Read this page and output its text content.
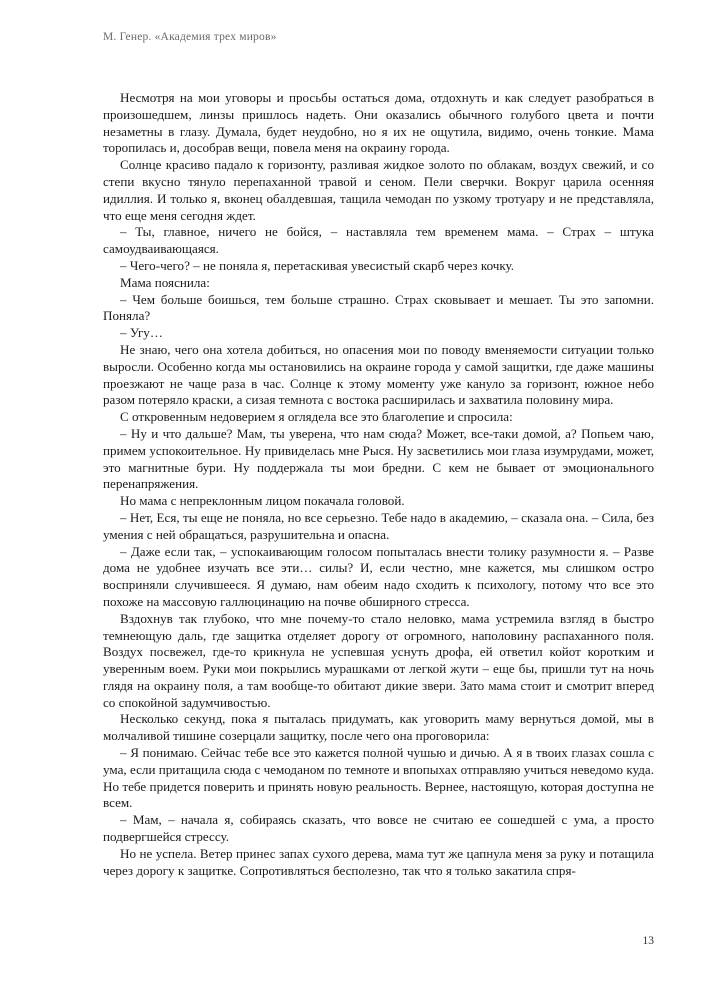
М. Генер. «Академия трех миров»

Несмотря на мои уговоры и просьбы остаться дома, отдохнуть и как следует разобраться в произошедшем, линзы пришлось надеть. Они оказались обычного голубого цвета и почти незаметны в глазу. Думала, будет неудобно, но я их не ощутила, видимо, очень тонкие. Мама торопилась и, дособрав вещи, повела меня на окраину города.

Солнце красиво падало к горизонту, разливая жидкое золото по облакам, воздух свежий, и со степи вкусно тянуло перепаханной травой и сеном. Пели сверчки. Вокруг царила осенняя идиллия. И только я, вконец обалдевшая, тащила чемодан по узкому тротуару и не представляла, что еще меня сегодня ждет.

– Ты, главное, ничего не бойся, – наставляла тем временем мама. – Страх – штука самоудваивающаяся.

– Чего-чего? – не поняла я, перетаскивая увесистый скарб через кочку.

Мама пояснила:

– Чем больше боишься, тем больше страшно. Страх сковывает и мешает. Ты это запомни. Поняла?

– Угу…

Не знаю, чего она хотела добиться, но опасения мои по поводу вменяемости ситуации только выросли. Особенно когда мы остановились на окраине города у самой защитки, где даже машины проезжают не чаще раза в час. Солнце к этому моменту уже кануло за горизонт, южное небо разом потеряло краски, а сизая темнота с востока расширилась и захватила половину мира.

С откровенным недоверием я оглядела все это благолепие и спросила:

– Ну и что дальше? Мам, ты уверена, что нам сюда? Может, все-таки домой, а? Попьем чаю, примем успокоительное. Ну привиделась мне Рыся. Ну засветились мои глаза изумрудами, может, это магнитные бури. Ну поддержала ты мои бредни. С кем не бывает от эмоционального перенапряжения.

Но мама с непреклонным лицом покачала головой.

– Нет, Еся, ты еще не поняла, но все серьезно. Тебе надо в академию, – сказала она. – Сила, без умения с ней обращаться, разрушительна и опасна.

– Даже если так, – успокаивающим голосом попыталась внести толику разумности я. – Разве дома не удобнее изучать все эти… силы? И, если честно, мне кажется, мы слишком остро восприняли случившееся. Я думаю, нам обеим надо сходить к психологу, потому что все это похоже на массовую галлюцинацию на почве обширного стресса.

Вздохнув так глубоко, что мне почему-то стало неловко, мама устремила взгляд в быстро темнеющую даль, где защитка отделяет дорогу от огромного, наполовину распаханного поля. Воздух посвежел, где-то крикнула не успевшая уснуть дрофа, ей ответил койот коротким и уверенным воем. Руки мои покрылись мурашками от легкой жути – еще бы, пришли тут на ночь глядя на окраину поля, а там вообще-то обитают дикие звери. Зато мама стоит и смотрит вперед со спокойной задумчивостью.

Несколько секунд, пока я пыталась придумать, как уговорить маму вернуться домой, мы в молчаливой тишине созерцали защитку, после чего она проговорила:

– Я понимаю. Сейчас тебе все это кажется полной чушью и дичью. А я в твоих глазах сошла с ума, если притащила сюда с чемоданом по темноте и впопыхах отправляю учиться неведомо куда. Но тебе придется поверить и принять новую реальность. Вернее, настоящую, которая доступна не всем.

– Мам, – начала я, собираясь сказать, что вовсе не считаю ее сошедшей с ума, а просто подвергшейся стрессу.

Но не успела. Ветер принес запах сухого дерева, мама тут же цапнула меня за руку и потащила через дорогу к защитке. Сопротивляться бесполезно, так что я только закатила спря-

13
